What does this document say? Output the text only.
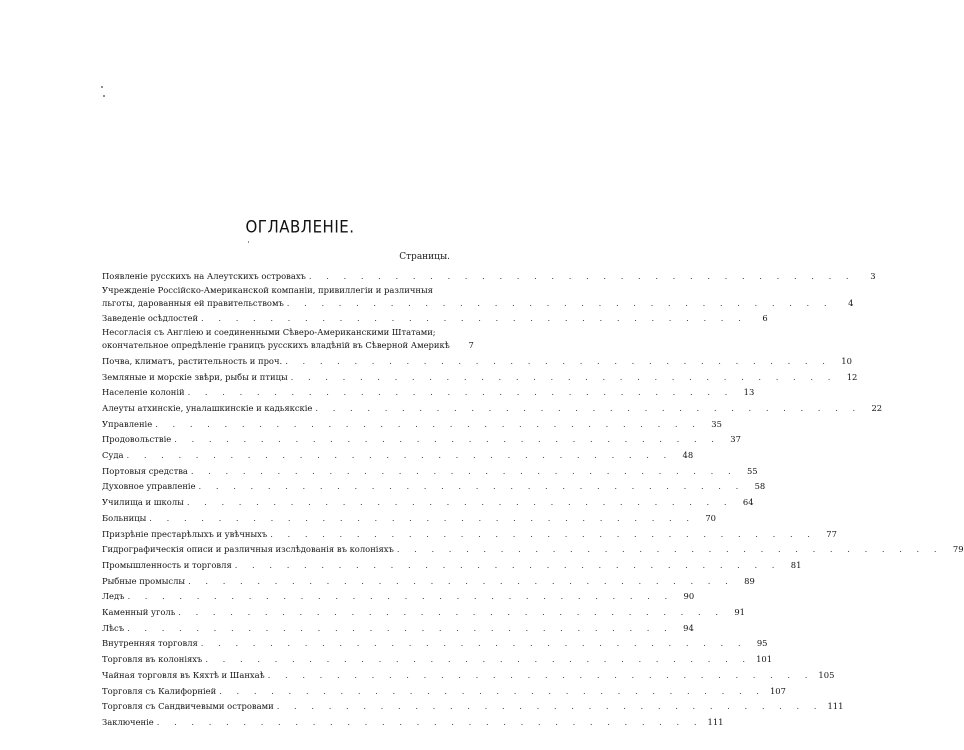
ОГЛАВЛЕНІЕ.
Страницы.
Появленіе русскихъ на Алеутскихъ островахъ . . . . . . . . . . . . . . . . . . . . . . . . . . . . . . . .	3
Учрежденіе Россійско-Американской компаніи, привиллегіи и различныя
льготы, дарованныя ей правительствомъ . . . . . . . . . . . . . . . . . . . . . . . . . . . . . . . .	4
Заведеніе осѣдлостей . . . . . . . . . . . . . . . . . . . . . . . . . . . . . . . .	6
Несогласія съ Англіею и соединенными Сѣверо-Американскими Штатами;
окончательное опредѣленіе границъ русскихъ владѣній въ Сѣверной Америкѣ	7
Почва, климатъ, растительность и проч. . . . . . . . . . . . . . . . . . . . . . . . . . . . . . . . .	10
Земляные и морскіе звѣри, рыбы и птицы . . . . . . . . . . . . . . . . . . . . . . . . . . . . . . . .	12
Населеніе колоній . . . . . . . . . . . . . . . . . . . . . . . . . . . . . . . .	13
Алеуты атхинскіе, уналашкинскіе и кадьякскіе . . . . . . . . . . . . . . . . . . . . . . . . . . . . . . . .	22
Управленіе . . . . . . . . . . . . . . . . . . . . . . . . . . . . . . . .	35
Продовольствіе . . . . . . . . . . . . . . . . . . . . . . . . . . . . . . . .	37
Суда . . . . . . . . . . . . . . . . . . . . . . . . . . . . . . . .	48
Портовыя средства . . . . . . . . . . . . . . . . . . . . . . . . . . . . . . . .	55
Духовное управленіе . . . . . . . . . . . . . . . . . . . . . . . . . . . . . . . .	58
Училища и школы . . . . . . . . . . . . . . . . . . . . . . . . . . . . . . . .	64
Больницы . . . . . . . . . . . . . . . . . . . . . . . . . . . . . . . .	70
Призрѣніе престарѣлыхъ и увѣчныхъ . . . . . . . . . . . . . . . . . . . . . . . . . . . . . . . .	77
Гидрографическія описи и различныя изслѣдованія въ колоніяхъ . . . . . . . . . . . . . . . . . . . . . . . . . . . . . . . .	79
Промышленность и торговля . . . . . . . . . . . . . . . . . . . . . . . . . . . . . . . .	81
Рыбные промыслы . . . . . . . . . . . . . . . . . . . . . . . . . . . . . . . .	89
Ледъ . . . . . . . . . . . . . . . . . . . . . . . . . . . . . . . .	90
Каменный уголь . . . . . . . . . . . . . . . . . . . . . . . . . . . . . . . .	91
Лѣсъ . . . . . . . . . . . . . . . . . . . . . . . . . . . . . . . .	94
Внутренняя торговля . . . . . . . . . . . . . . . . . . . . . . . . . . . . . . . .	95
Торговля въ колоніяхъ . . . . . . . . . . . . . . . . . . . . . . . . . . . . . . . . 101
Чайная торговля въ Кяхтѣ и Шанхаѣ . . . . . . . . . . . . . . . . . . . . . . . . . . . . . . . . 105
Торговля съ Калифорніей . . . . . . . . . . . . . . . . . . . . . . . . . . . . . . . . 107
Торговля съ Сандвичевыми островами . . . . . . . . . . . . . . . . . . . . . . . . . . . . . . . . 111
Заключеніе . . . . . . . . . . . . . . . . . . . . . . . . . . . . . . . . 111
